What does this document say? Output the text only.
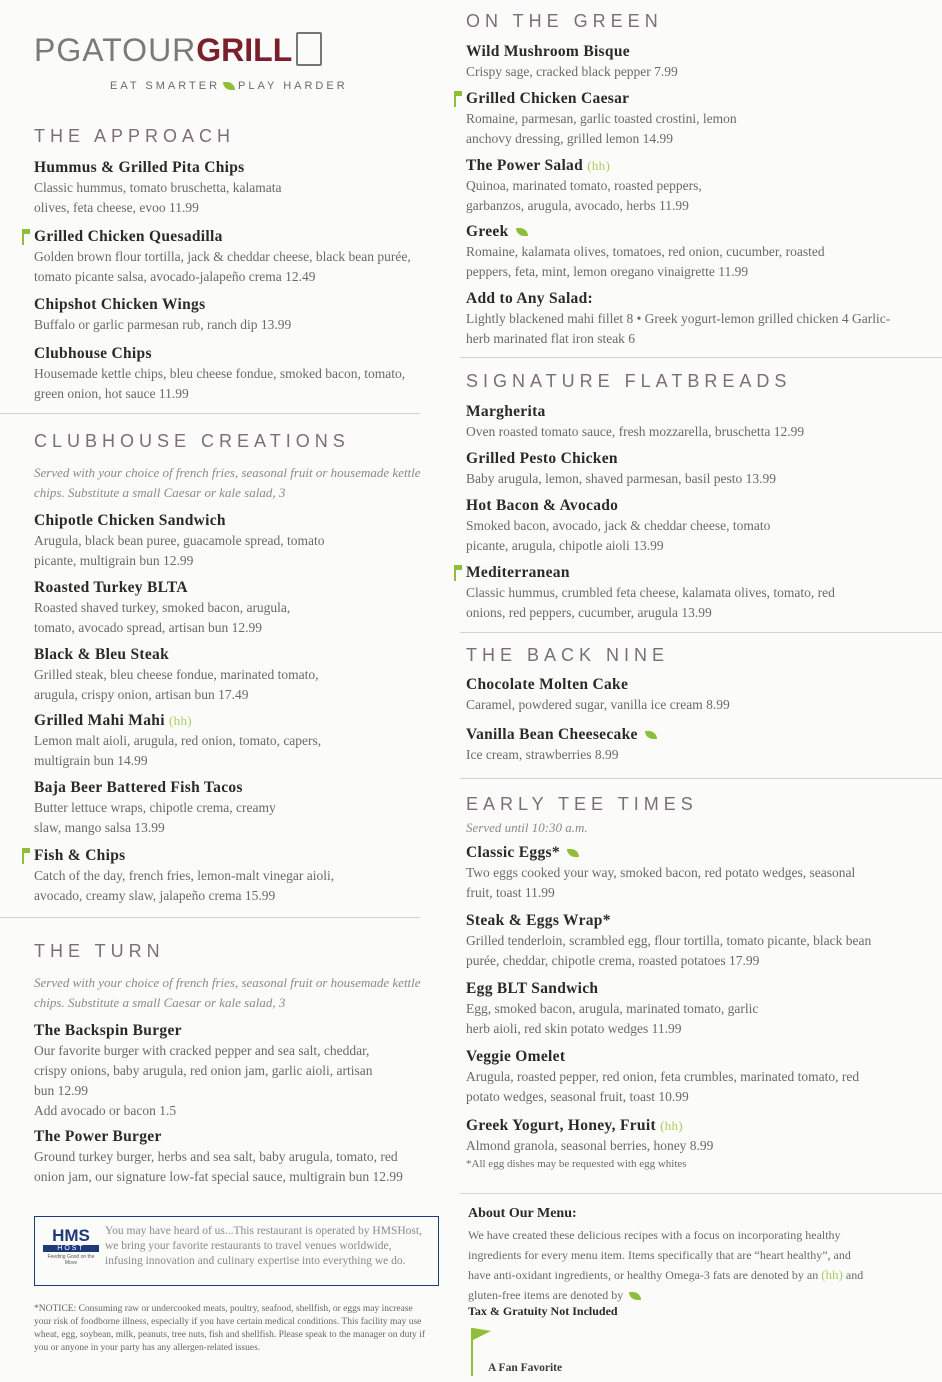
PGATOURGRILL
EAT SMARTER PLAY HARDER
THE APPROACH
Hummus & Grilled Pita Chips
Classic hummus, tomato bruschetta, kalamata olives, feta cheese, evoo 11.99
Grilled Chicken Quesadilla
Golden brown flour tortilla, jack & cheddar cheese, black bean purée, tomato picante salsa, avocado-jalapeño crema 12.49
Chipshot Chicken Wings
Buffalo or garlic parmesan rub, ranch dip 13.99
Clubhouse Chips
Housemade kettle chips, bleu cheese fondue, smoked bacon, tomato, green onion, hot sauce 11.99
CLUBHOUSE CREATIONS
Served with your choice of french fries, seasonal fruit or housemade kettle chips. Substitute a small Caesar or kale salad, 3
Chipotle Chicken Sandwich
Arugula, black bean puree, guacamole spread, tomato picante, multigrain bun 12.99
Roasted Turkey BLTA
Roasted shaved turkey, smoked bacon, arugula, tomato, avocado spread, artisan bun 12.99
Black & Bleu Steak
Grilled steak, bleu cheese fondue, marinated tomato, arugula, crispy onion, artisan bun 17.49
Grilled Mahi Mahi (hh)
Lemon malt aioli, arugula, red onion, tomato, capers, multigrain bun 14.99
Baja Beer Battered Fish Tacos
Butter lettuce wraps, chipotle crema, creamy slaw, mango salsa 13.99
Fish & Chips
Catch of the day, french fries, lemon-malt vinegar aioli, avocado, creamy slaw, jalapeño crema 15.99
THE TURN
Served with your choice of french fries, seasonal fruit or housemade kettle chips. Substitute a small Caesar or kale salad, 3
The Backspin Burger
Our favorite burger with cracked pepper and sea salt, cheddar, crispy onions, baby arugula, red onion jam, garlic aioli, artisan bun 12.99
Add avocado or bacon 1.5
The Power Burger
Ground turkey burger, herbs and sea salt, baby arugula, tomato, red onion jam, our signature low-fat special sauce, multigrain bun 12.99
HMS
HOST
Feeding Good on the Move
You may have heard of us...This restaurant is operated by HMSHost, we bring your favorite restaurants to travel venues worldwide, infusing innovation and culinary expertise into everything we do.
*NOTICE: Consuming raw or undercooked meats, poultry, seafood, shellfish, or eggs may increase your risk of foodborne illness, especially if you have certain medical conditions. This facility may use wheat, egg, soybean, milk, peanuts, tree nuts, fish and shellfish. Please speak to the manager on duty if you or anyone in your party has any allergen-related issues.
ON THE GREEN
Wild Mushroom Bisque
Crispy sage, cracked black pepper 7.99
Grilled Chicken Caesar
Romaine, parmesan, garlic toasted crostini, lemon anchovy dressing, grilled lemon 14.99
The Power Salad (hh)
Quinoa, marinated tomato, roasted peppers, garbanzos, arugula, avocado, herbs 11.99
Greek
Romaine, kalamata olives, tomatoes, red onion, cucumber, roasted peppers, feta, mint, lemon oregano vinaigrette 11.99
Add to Any Salad:
Lightly blackened mahi fillet 8 • Greek yogurt-lemon grilled chicken 4 Garlic-herb marinated flat iron steak 6
SIGNATURE FLATBREADS
Margherita
Oven roasted tomato sauce, fresh mozzarella, bruschetta 12.99
Grilled Pesto Chicken
Baby arugula, lemon, shaved parmesan, basil pesto 13.99
Hot Bacon & Avocado
Smoked bacon, avocado, jack & cheddar cheese, tomato picante, arugula, chipotle aioli 13.99
Mediterranean
Classic hummus, crumbled feta cheese, kalamata olives, tomato, red onions, red peppers, cucumber, arugula 13.99
THE BACK NINE
Chocolate Molten Cake
Caramel, powdered sugar, vanilla ice cream 8.99
Vanilla Bean Cheesecake
Ice cream, strawberries 8.99
EARLY TEE TIMES
Served until 10:30 a.m.
Classic Eggs*
Two eggs cooked your way, smoked bacon, red potato wedges, seasonal fruit, toast 11.99
Steak & Eggs Wrap*
Grilled tenderloin, scrambled egg, flour tortilla, tomato picante, black bean purée, cheddar, chipotle crema, roasted potatoes 17.99
Egg BLT Sandwich
Egg, smoked bacon, arugula, marinated tomato, garlic herb aioli, red skin potato wedges 11.99
Veggie Omelet
Arugula, roasted pepper, red onion, feta crumbles, marinated tomato, red potato wedges, seasonal fruit, toast 10.99
Greek Yogurt, Honey, Fruit (hh)
Almond granola, seasonal berries, honey 8.99
*All egg dishes may be requested with egg whites
About Our Menu:
We have created these delicious recipes with a focus on incorporating healthy ingredients for every menu item. Items specifically that are “heart healthy”, and have anti-oxidant ingredients, or healthy Omega-3 fats are denoted by an (hh) and gluten-free items are denoted by
Tax & Gratuity Not Included
A Fan Favorite
